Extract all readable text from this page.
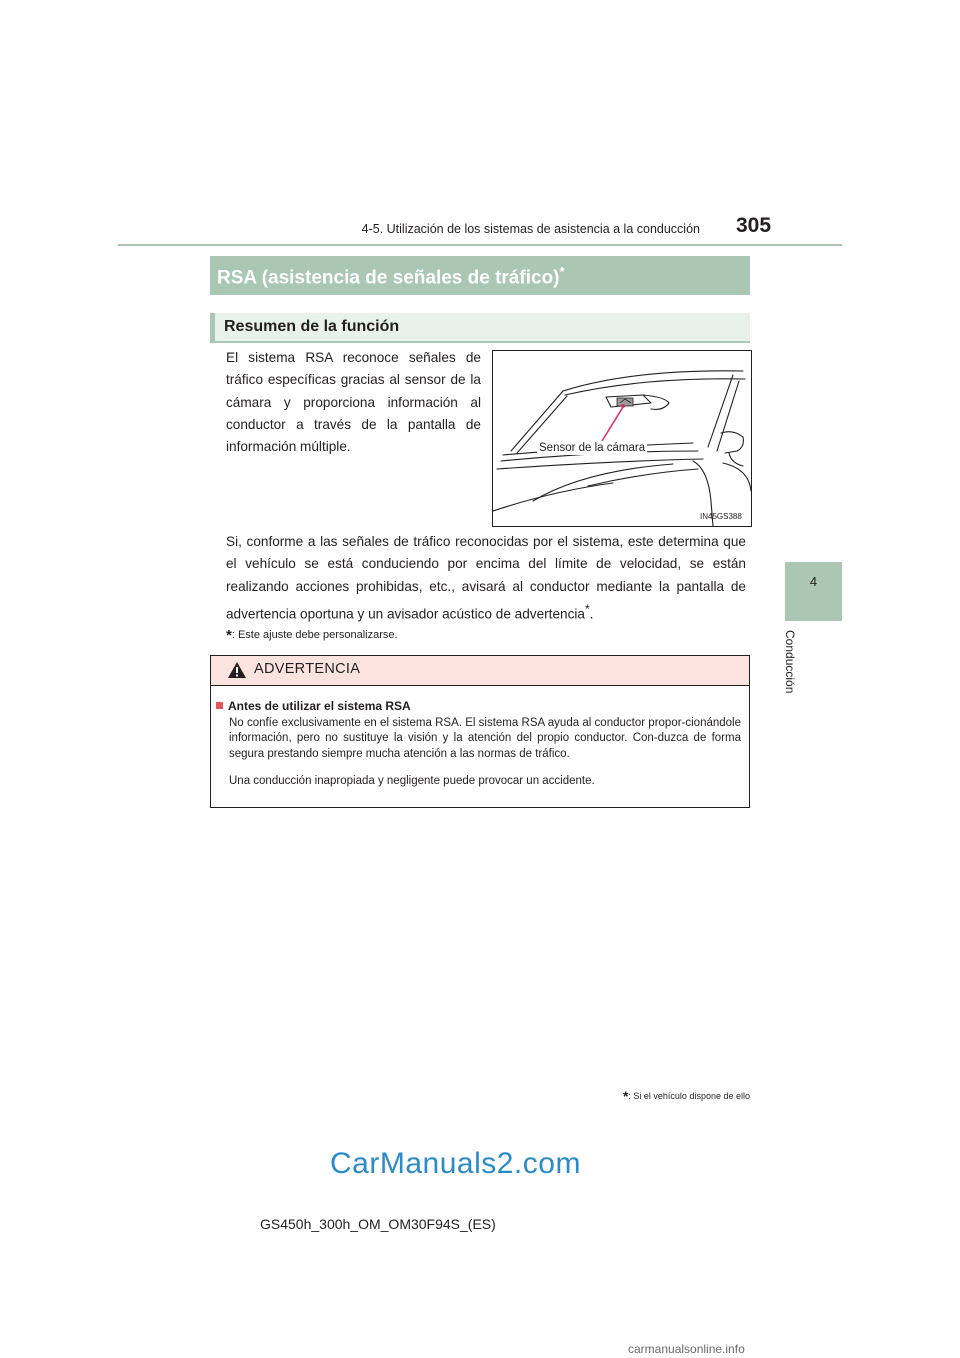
4-5. Utilización de los sistemas de asistencia a la conducción 305
4
Conducción
RSA (asistencia de señales de tráfico)*
Resumen de la función
El sistema RSA reconoce señales de tráfico específicas gracias al sensor de la cámara y proporciona información al conductor a través de la pantalla de información múltiple.	Sensor de la cámara
IN45GS388
Si, conforme a las señales de tráfico reconocidas por el sistema, este determina que el vehículo se está conduciendo por encima del límite de velocidad, se están realizando acciones prohibidas, etc., avisará al conductor mediante la pantalla de advertencia oportuna y un avisador acústico de advertencia*.
*: Este ajuste debe personalizarse.
ADVERTENCIA
Antes de utilizar el sistema RSA
No confíe exclusivamente en el sistema RSA. El sistema RSA ayuda al conductor propor-cionándole información, pero no sustituye la visión y la atención del propio conductor. Con-duzca de forma segura prestando siempre mucha atención a las normas de tráfico.
Una conducción inapropiada y negligente puede provocar un accidente.
*: Si el vehículo dispone de ello
CarManuals2.com
GS450h_300h_OM_OM30F94S_(ES)
carmanualsonline.info
